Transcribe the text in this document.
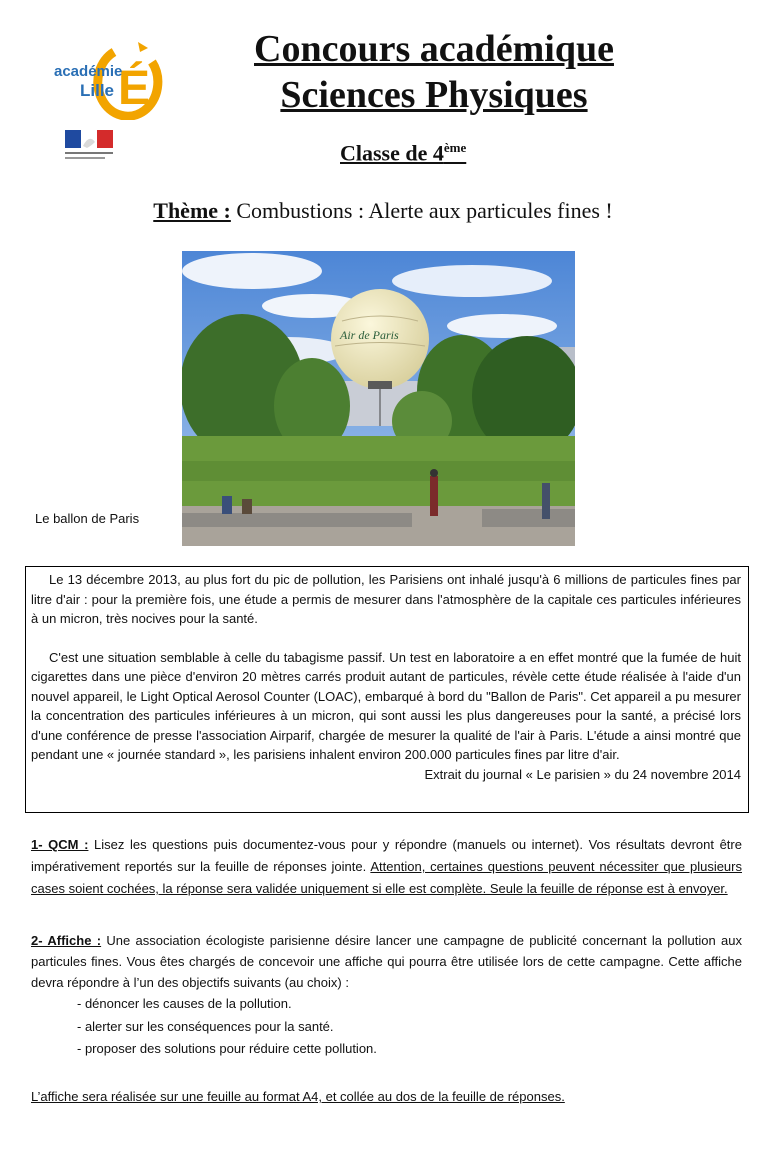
É
académie
Lille
Concours académique
Sciences Physiques
Classe de 4ème
Thème : Combustions : Alerte aux particules fines !
Air de Paris
Le ballon de Paris

Le 13 décembre 2013, au plus fort du pic de pollution, les Parisiens ont inhalé jusqu'à 6 millions de particules fines par litre d'air : pour la première fois, une étude a permis de mesurer dans l'atmosphère de la capitale ces particules inférieures à un micron, très nocives pour la santé.

C'est une situation semblable à celle du tabagisme passif. Un test en laboratoire a en effet montré que la fumée de huit cigarettes dans une pièce d'environ 20 mètres carrés produit autant de particules, révèle cette étude réalisée à l'aide d'un nouvel appareil, le Light Optical Aerosol Counter (LOAC), embarqué à bord du "Ballon de Paris". Cet appareil a pu mesurer la concentration des particules inférieures à un micron, qui sont aussi les plus dangereuses pour la santé, a précisé lors d'une conférence de presse l'association Airparif, chargée de mesurer la qualité de l'air à Paris. L'étude a ainsi montré que pendant une « journée standard », les parisiens inhalent environ 200.000 particules fines par litre d'air.

Extrait du journal « Le parisien » du 24 novembre 2014
1- QCM : Lisez les questions puis documentez-vous pour y répondre (manuels ou internet). Vos résultats devront être impérativement reportés sur la feuille de réponses jointe. Attention, certaines questions peuvent nécessiter que plusieurs cases soient cochées, la réponse sera validée uniquement si elle est complète. Seule la feuille de réponse est à envoyer.
2- Affiche : Une association écologiste parisienne désire lancer une campagne de publicité concernant la pollution aux particules fines. Vous êtes chargés de concevoir une affiche qui pourra être utilisée lors de cette campagne. Cette affiche devra répondre à l’un des objectifs suivants (au choix) :
- dénoncer les causes de la pollution.
- alerter sur les conséquences pour la santé.
- proposer des solutions pour réduire cette pollution.
L’affiche sera réalisée sur une feuille au format A4, et collée au dos de la feuille de réponses.
